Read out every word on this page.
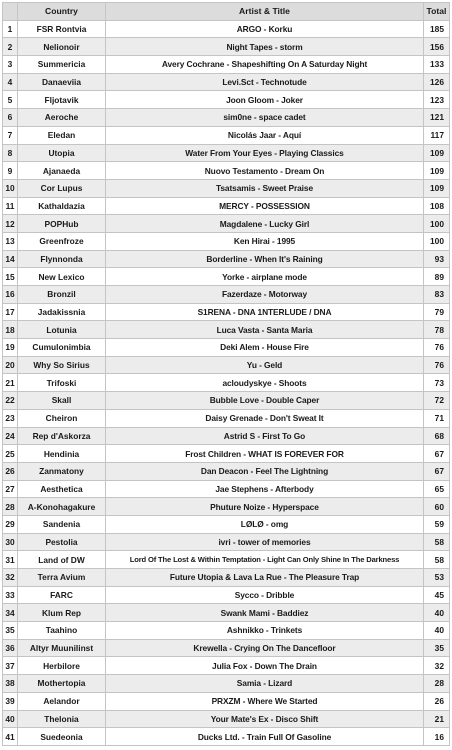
	Country	Artist & Title	Total
1	FSR Rontvia	ARGO - Korku	185
2	Nelionoir	Night Tapes - storm	156
3	Summericia	Avery Cochrane - Shapeshifting On A Saturday Night	133
4	Danaeviia	Levi.Sct - Technotude	126
5	Fljotavik	Joon Gloom - Joker	123
6	Aeroche	sim0ne - space cadet	121
7	Eledan	Nicolás Jaar - Aquí	117
8	Utopia	Water From Your Eyes - Playing Classics	109
9	Ajanaeda	Nuovo Testamento - Dream On	109
10	Cor Lupus	Tsatsamis - Sweet Praise	109
11	Kathaldazia	MERCY - POSSESSION	108
12	POPHub	Magdalene - Lucky Girl	100
13	Greenfroze	Ken Hirai - 1995	100
14	Flynnonda	Borderline - When It's Raining	93
15	New Lexico	Yorke - airplane mode	89
16	Bronzil	Fazerdaze - Motorway	83
17	Jadakissnia	S1RENA - DNA 1NTERLUDE / DNA	79
18	Lotunia	Luca Vasta - Santa Maria	78
19	Cumulonimbia	Deki Alem - House Fire	76
20	Why So Sirius	Yu - Geld	76
21	Trifoski	acloudyskye - Shoots	73
22	Skall	Bubble Love - Double Caper	72
23	Cheiron	Daisy Grenade - Don't Sweat It	71
24	Rep d'Askorza	Astrid S - First To Go	68
25	Hendinia	Frost Children - WHAT IS FOREVER FOR	67
26	Zanmatony	Dan Deacon - Feel The Lightning	67
27	Aesthetica	Jae Stephens - Afterbody	65
28	A-Konohagakure	Phuture Noize - Hyperspace	60
29	Sandenia	LØLØ - omg	59
30	Pestolia	ivri - tower of memories	58
31	Land of DW	Lord Of The Lost & Within Temptation - Light Can Only Shine In The Darkness	58
32	Terra Avium	Future Utopia & Lava La Rue - The Pleasure Trap	53
33	FARC	Sycco - Dribble	45
34	Klum Rep	Swank Mami - Baddiez	40
35	Taahino	Ashnikko - Trinkets	40
36	Altyr Muunilinst	Krewella - Crying On The Dancefloor	35
37	Herbilore	Julia Fox - Down The Drain	32
38	Mothertopia	Samia - Lizard	28
39	Aelandor	PRXZM - Where We Started	26
40	Thelonia	Your Mate's Ex - Disco Shift	21
41	Suedeonia	Ducks Ltd. - Train Full Of Gasoline	16
